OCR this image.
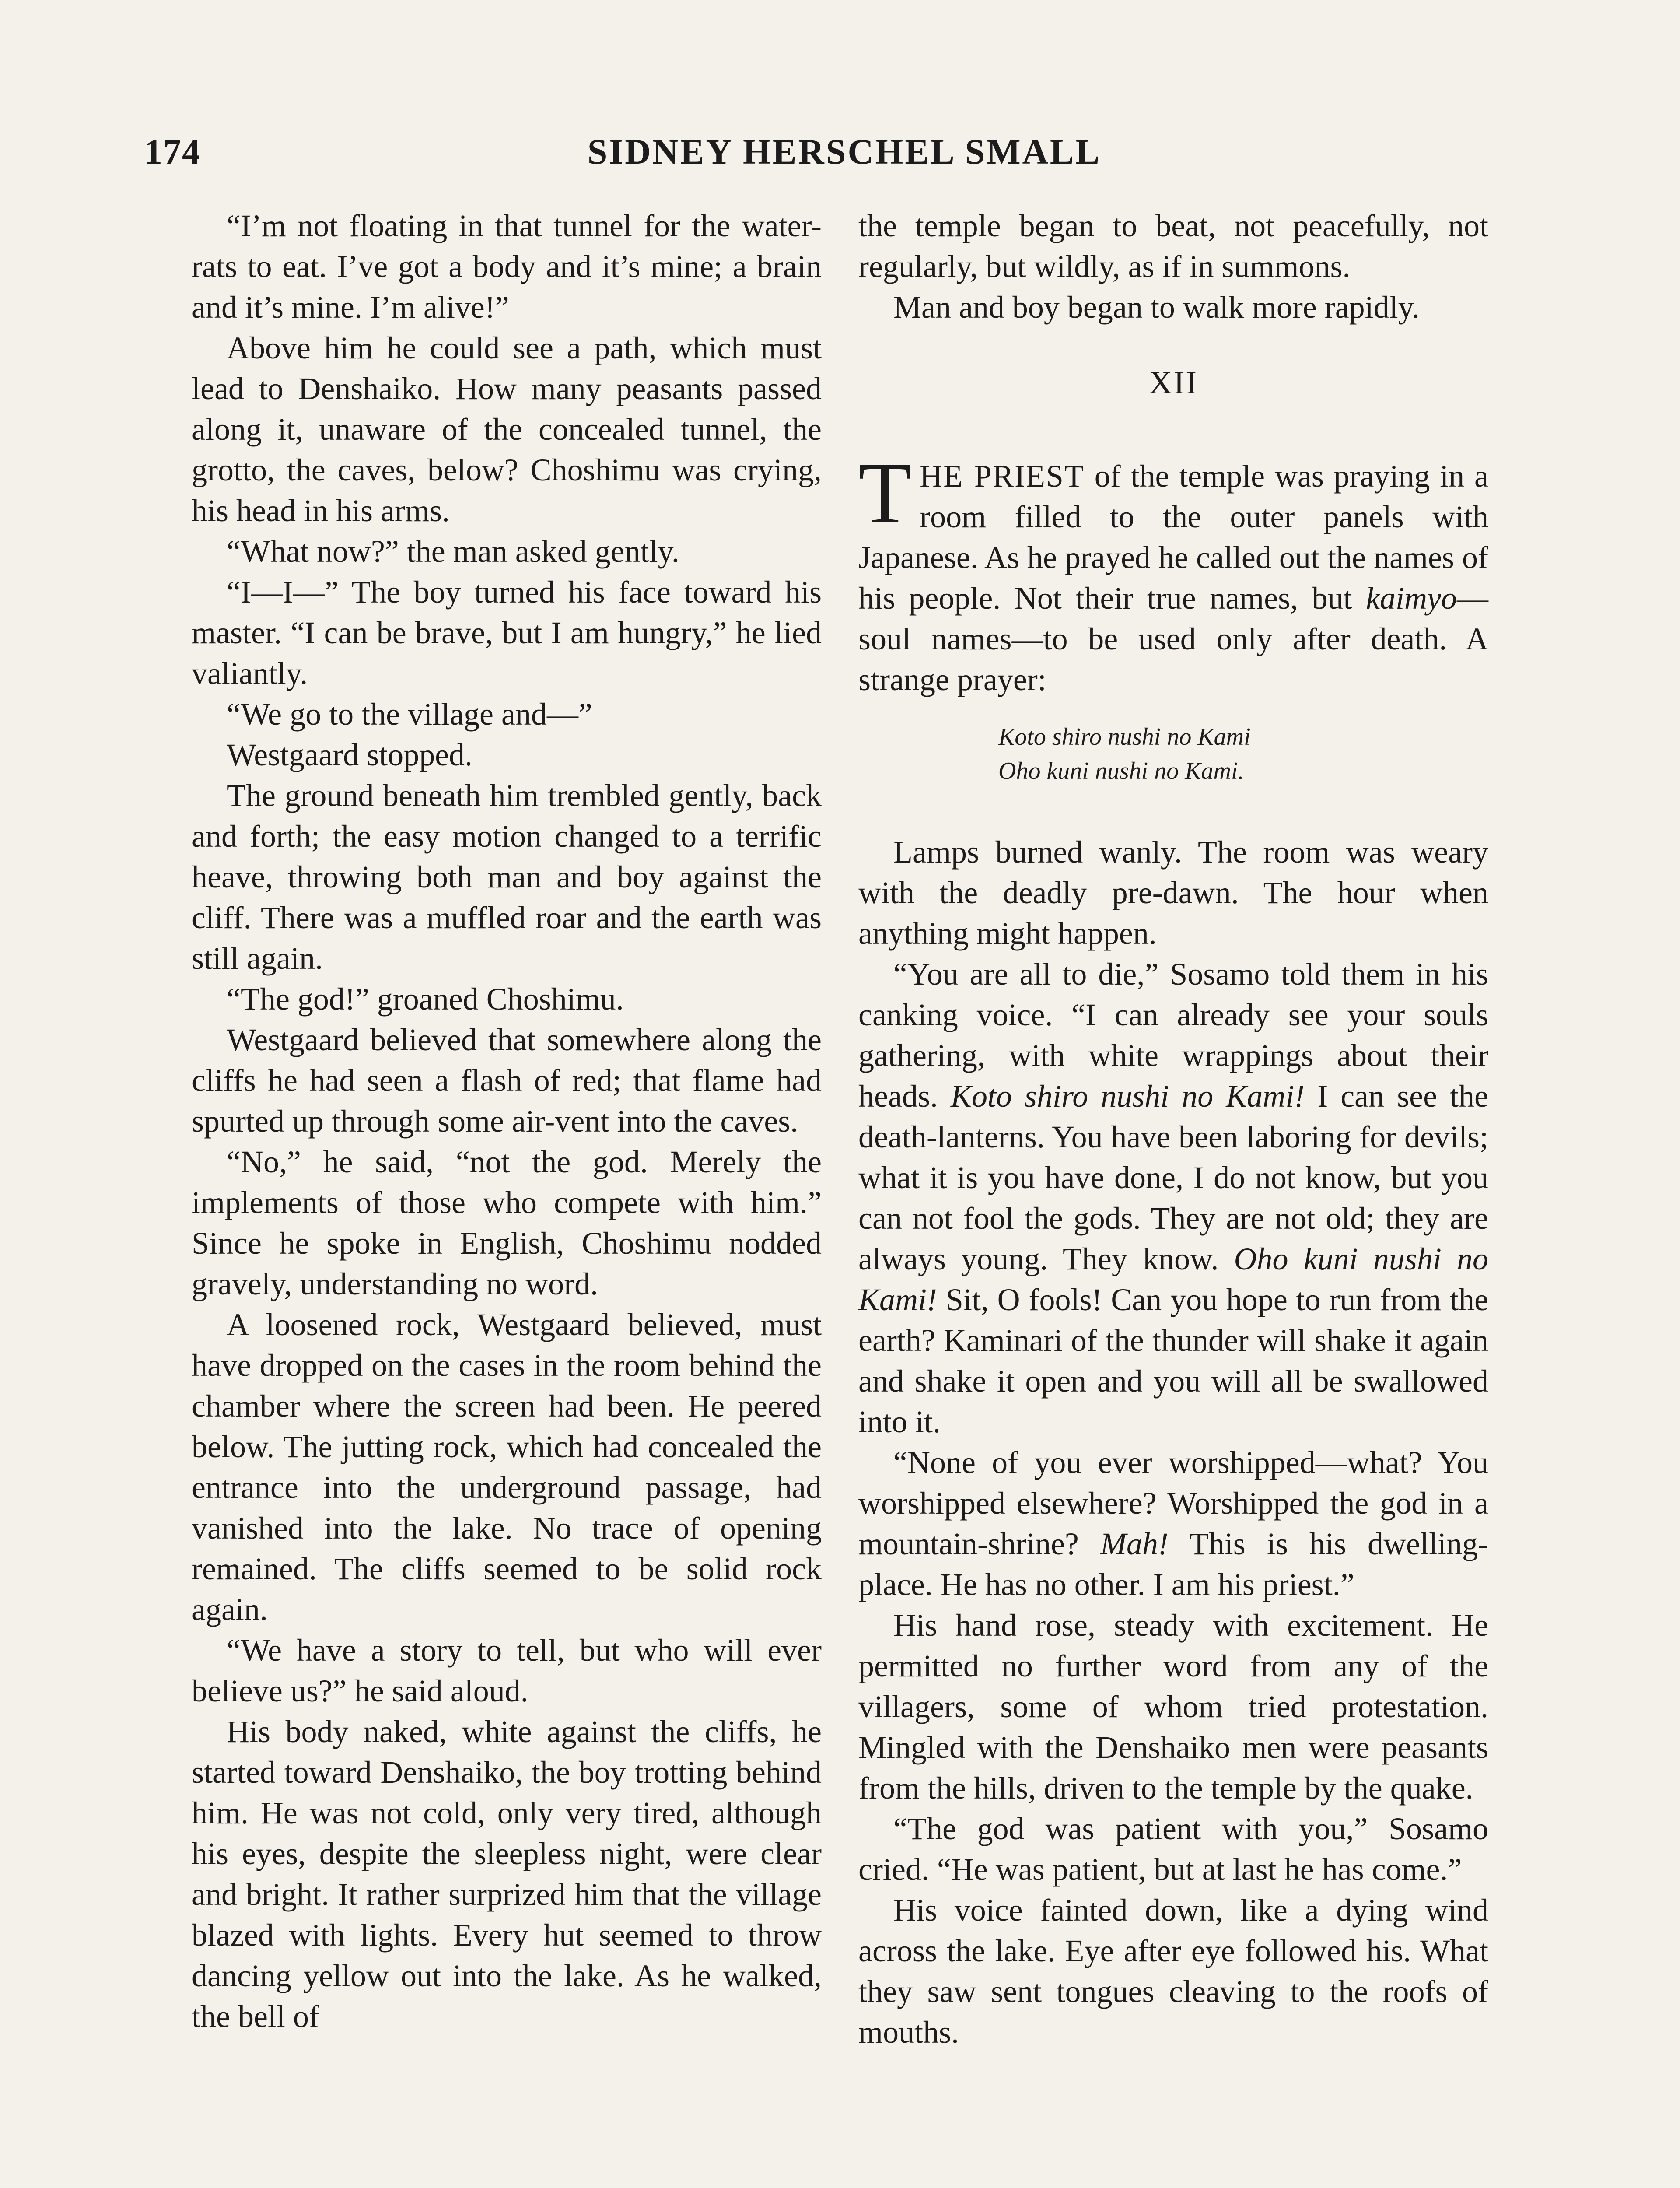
174	SIDNEY HERSCHEL SMALL

“I’m not floating in that tunnel for the water-rats to eat. I’ve got a body and it’s mine; a brain and it’s mine. I’m alive!”

Above him he could see a path, which must lead to Denshaiko. How many peasants passed along it, unaware of the concealed tunnel, the grotto, the caves, below? Choshimu was crying, his head in his arms.

“What now?” the man asked gently.

“I—I—” The boy turned his face toward his master. “I can be brave, but I am hungry,” he lied valiantly.

“We go to the village and—”

Westgaard stopped.

The ground beneath him trembled gently, back and forth; the easy motion changed to a terrific heave, throwing both man and boy against the cliff. There was a muffled roar and the earth was still again.

“The god!” groaned Choshimu.

Westgaard believed that somewhere along the cliffs he had seen a flash of red; that flame had spurted up through some air-vent into the caves.

“No,” he said, “not the god. Merely the implements of those who compete with him.” Since he spoke in English, Choshimu nodded gravely, understanding no word.

A loosened rock, Westgaard believed, must have dropped on the cases in the room behind the chamber where the screen had been. He peered below. The jutting rock, which had concealed the entrance into the underground passage, had vanished into the lake. No trace of opening remained. The cliffs seemed to be solid rock again.

“We have a story to tell, but who will ever believe us?” he said aloud.

His body naked, white against the cliffs, he started toward Denshaiko, the boy trotting behind him. He was not cold, only very tired, although his eyes, despite the sleepless night, were clear and bright. It rather surprized him that the village blazed with lights. Every hut seemed to throw dancing yellow out into the lake. As he walked, the bell of

the temple began to beat, not peacefully, not regularly, but wildly, as if in summons.

Man and boy began to walk more rapidly.

XII

THE PRIEST of the temple was praying in a room filled to the outer panels with Japanese. As he prayed he called out the names of his people. Not their true names, but kaimyo—soul names—to be used only after death. A strange prayer:

Koto shiro nushi no Kami
Oho kuni nushi no Kami.

Lamps burned wanly. The room was weary with the deadly pre-dawn. The hour when anything might happen.

“You are all to die,” Sosamo told them in his canking voice. “I can already see your souls gathering, with white wrappings about their heads. Koto shiro nushi no Kami! I can see the death-lanterns. You have been laboring for devils; what it is you have done, I do not know, but you can not fool the gods. They are not old; they are always young. They know. Oho kuni nushi no Kami! Sit, O fools! Can you hope to run from the earth? Kaminari of the thunder will shake it again and shake it open and you will all be swallowed into it.

“None of you ever worshipped—what? You worshipped elsewhere? Worshipped the god in a mountain-shrine? Mah! This is his dwelling-place. He has no other. I am his priest.”

His hand rose, steady with excitement. He permitted no further word from any of the villagers, some of whom tried protestation. Mingled with the Denshaiko men were peasants from the hills, driven to the temple by the quake.

“The god was patient with you,” Sosamo cried. “He was patient, but at last he has come.”

His voice fainted down, like a dying wind across the lake. Eye after eye followed his. What they saw sent tongues cleaving to the roofs of mouths.
